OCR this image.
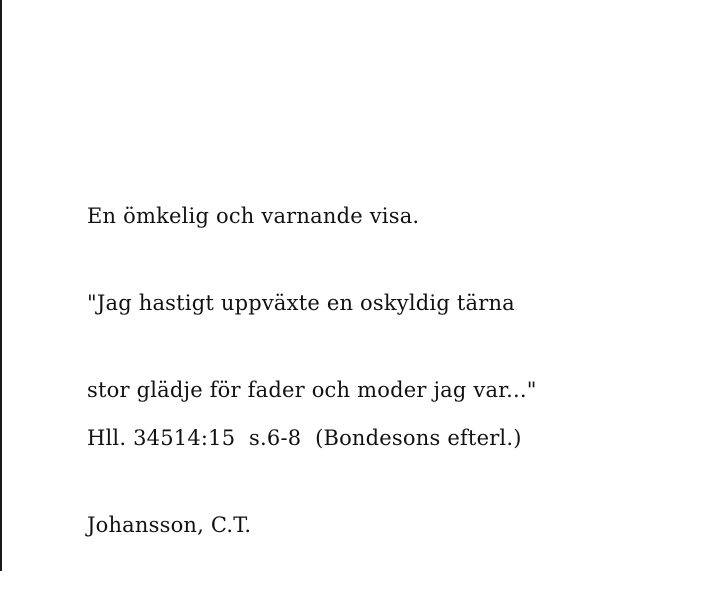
En ömkelig och varnande visa.

"Jag hastigt uppväxte en oskyldig tärna

stor glädje för fader och moder jag var..."

Hll. 34514:15  s.6-8  (Bondesons efterl.)

Johansson, C.T.
